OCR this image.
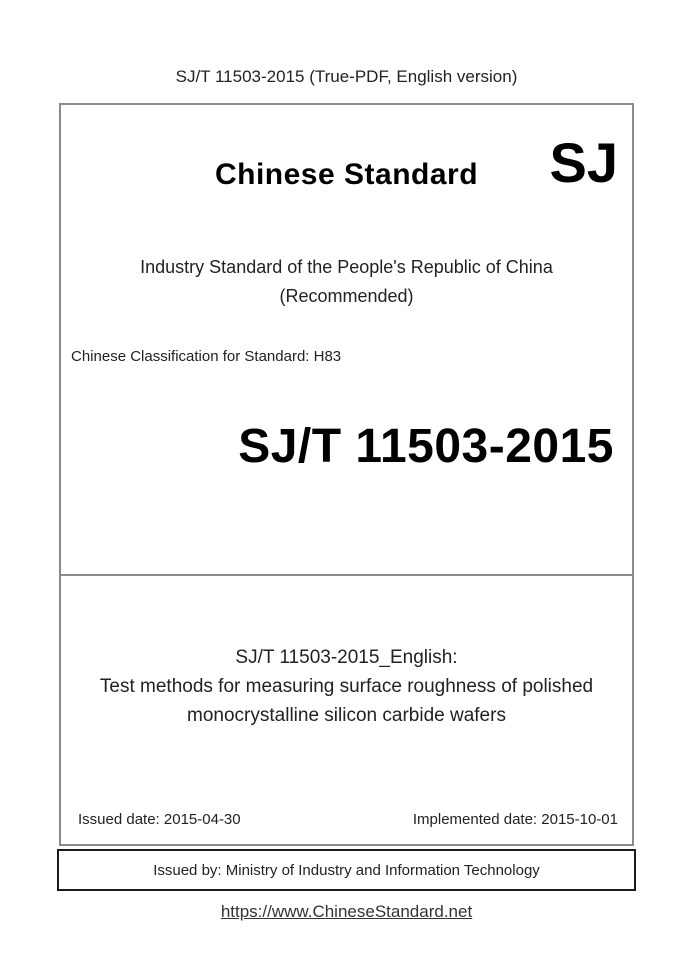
SJ/T 11503-2015 (True-PDF, English version)
Chinese Standard	SJ
Industry Standard of the People's Republic of China
(Recommended)
Chinese Classification for Standard: H83
SJ/T 11503-2015
SJ/T 11503-2015_English:
Test methods for measuring surface roughness of polished
monocrystalline silicon carbide wafers
Issued date: 2015-04-30	Implemented date: 2015-10-01
Issued by: Ministry of Industry and Information Technology
https://www.ChineseStandard.net
